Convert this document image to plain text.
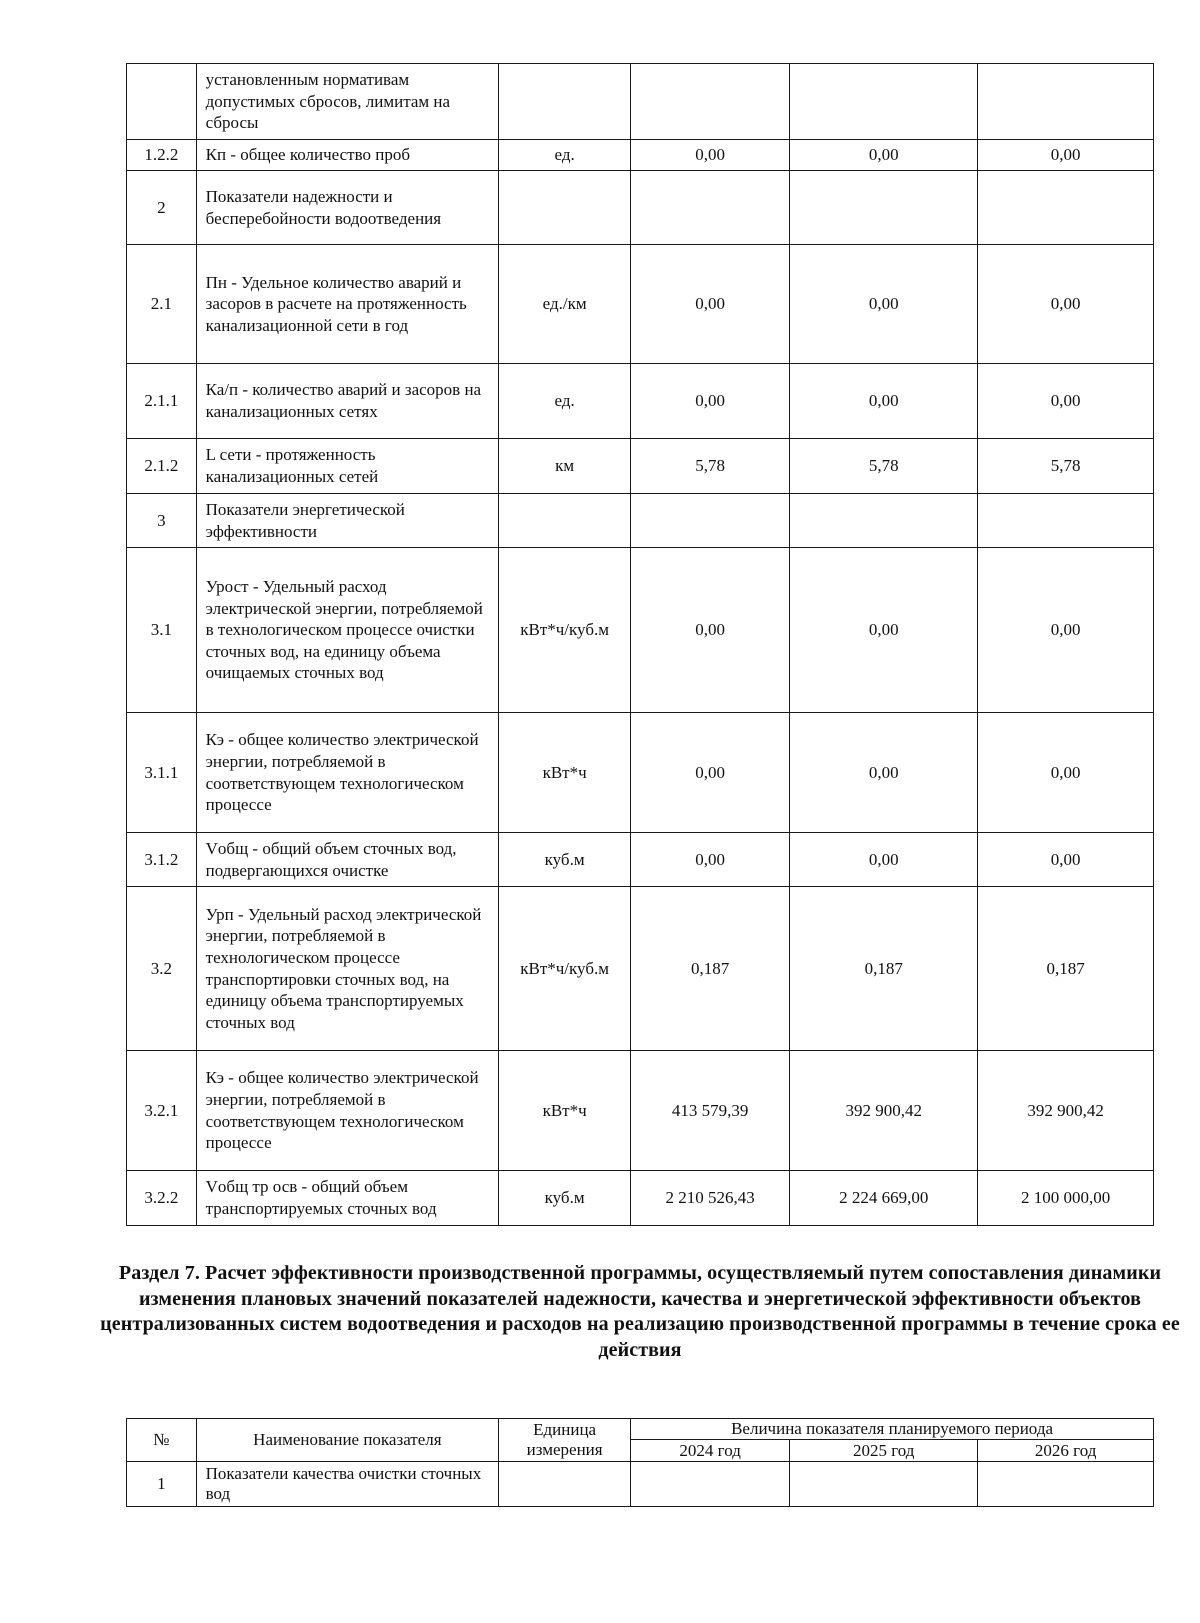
	установленным нормативам допустимых сбросов, лимитам на сбросы				
1.2.2	Кп - общее количество проб	ед.	0,00	0,00	0,00
2	Показатели надежности и бесперебойности водоотведения				
2.1	Пн - Удельное количество аварий и засоров в расчете на протяженность канализационной сети в год	ед./км	0,00	0,00	0,00
2.1.1	Ка/п - количество аварий и засоров на канализационных сетях	ед.	0,00	0,00	0,00
2.1.2	L сети - протяженность канализационных сетей	км	5,78	5,78	5,78
3	Показатели энергетической эффективности				
3.1	Урост - Удельный расход электрической энергии, потребляемой в технологическом процессе очистки сточных вод, на единицу объема очищаемых сточных вод	кВт*ч/куб.м	0,00	0,00	0,00
3.1.1	Кэ - общее количество электрической энергии, потребляемой в соответствующем технологическом процессе	кВт*ч	0,00	0,00	0,00
3.1.2	Vобщ - общий объем сточных вод, подвергающихся очистке	куб.м	0,00	0,00	0,00
3.2	Урп - Удельный расход электрической энергии, потребляемой в технологическом процессе транспортировки сточных вод, на единицу объема транспортируемых сточных вод	кВт*ч/куб.м	0,187	0,187	0,187
3.2.1	Кэ - общее количество электрической энергии, потребляемой в соответствующем технологическом процессе	кВт*ч	413 579,39	392 900,42	392 900,42
3.2.2	Vобщ тр осв - общий объем транспортируемых сточных вод	куб.м	2 210 526,43	2 224 669,00	2 100 000,00
Раздел 7. Расчет эффективности производственной программы, осуществляемый путем сопоставления динамики изменения плановых значений показателей надежности, качества и энергетической эффективности объектов централизованных систем водоотведения и расходов на реализацию производственной программы в течение срока ее действия
№	Наименование показателя	Единица измерения	Величина показателя планируемого периода		
			2024 год	2025 год	2026 год
1	Показатели качества очистки сточных вод				
